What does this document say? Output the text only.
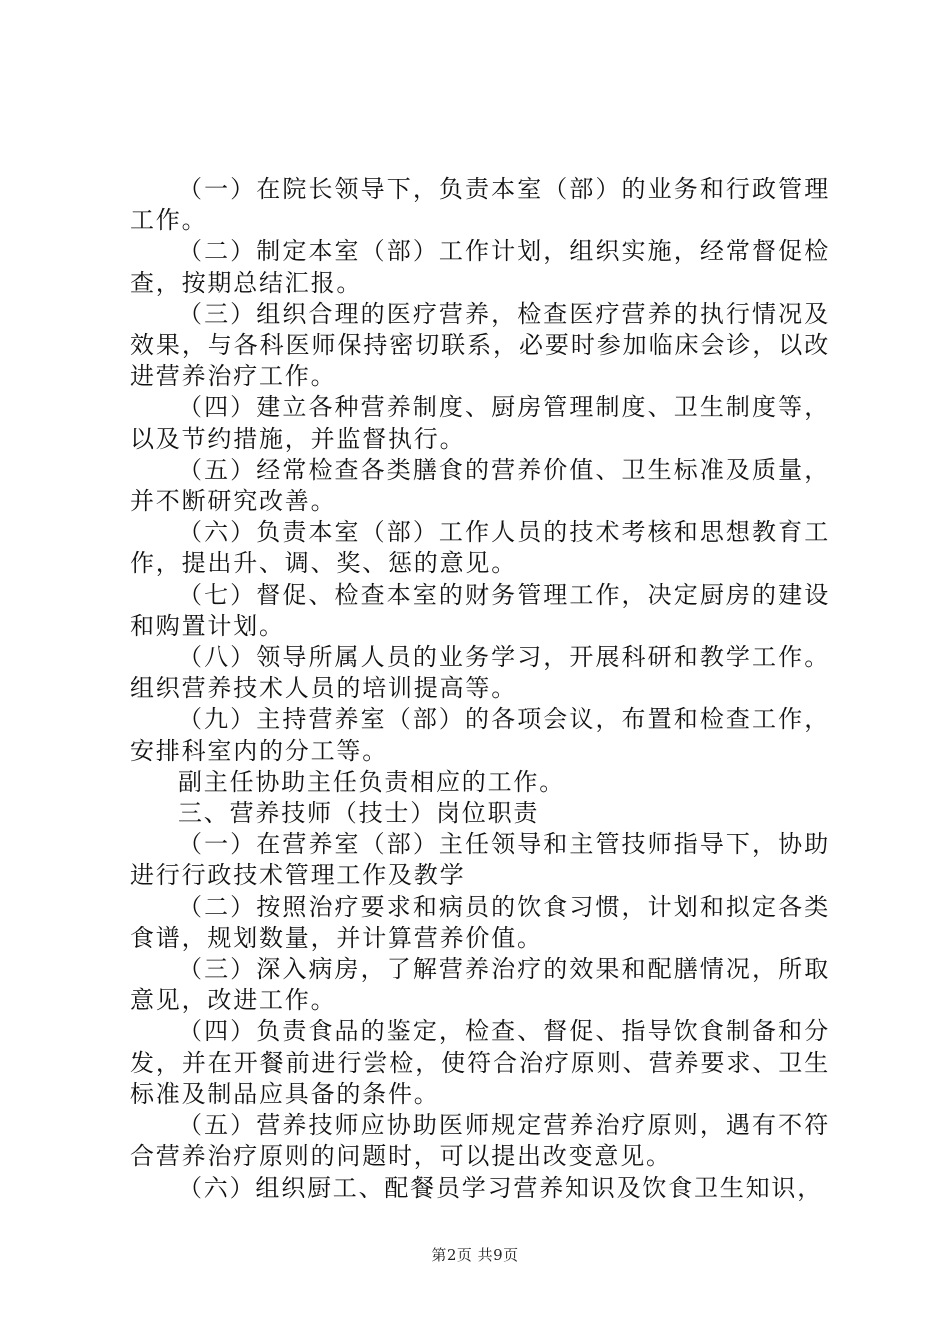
（一）在院长领导下，负责本室（部）的业务和行政管理工作。

（二）制定本室（部）工作计划，组织实施，经常督促检查，按期总结汇报。

（三）组织合理的医疗营养，检查医疗营养的执行情况及效果，与各科医师保持密切联系，必要时参加临床会诊，以改进营养治疗工作。

（四）建立各种营养制度、厨房管理制度、卫生制度等，以及节约措施，并监督执行。

（五）经常检查各类膳食的营养价值、卫生标准及质量，并不断研究改善。

（六）负责本室（部）工作人员的技术考核和思想教育工作，提出升、调、奖、惩的意见。

（七）督促、检查本室的财务管理工作，决定厨房的建设和购置计划。

（八）领导所属人员的业务学习，开展科研和教学工作。组织营养技术人员的培训提高等。

（九）主持营养室（部）的各项会议，布置和检查工作，安排科室内的分工等。

副主任协助主任负责相应的工作。

三、营养技师（技士）岗位职责

（一）在营养室（部）主任领导和主管技师指导下，协助进行行政技术管理工作及教学

（二）按照治疗要求和病员的饮食习惯，计划和拟定各类食谱，规划数量，并计算营养价值。

（三）深入病房，了解营养治疗的效果和配膳情况，所取意见，改进工作。

（四）负责食品的鉴定，检查、督促、指导饮食制备和分发，并在开餐前进行尝检，使符合治疗原则、营养要求、卫生标准及制品应具备的条件。

（五）营养技师应协助医师规定营养治疗原则，遇有不符合营养治疗原则的问题时，可以提出改变意见。

（六）组织厨工、配餐员学习营养知识及饮食卫生知识，

第2页 共9页
